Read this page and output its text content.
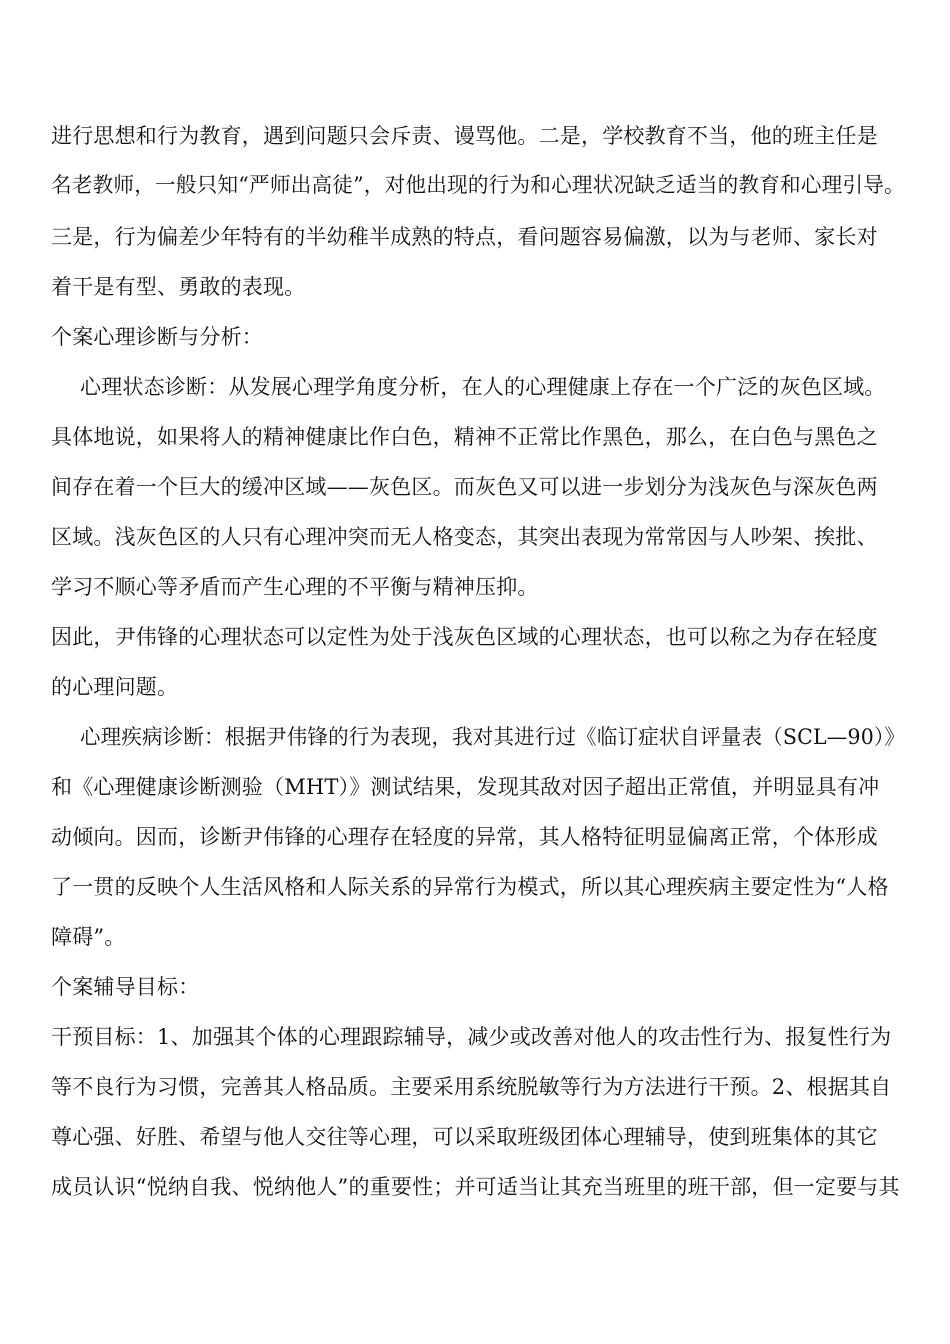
进行思想和行为教育，遇到问题只会斥责、谩骂他。二是，学校教育不当，他的班主任是
名老教师，一般只知“严师出高徒”，对他出现的行为和心理状况缺乏适当的教育和心理引导。
三是，行为偏差少年特有的半幼稚半成熟的特点，看问题容易偏激，以为与老师、家长对
着干是有型、勇敢的表现。
个案心理诊断与分析：
心理状态诊断：从发展心理学角度分析，在人的心理健康上存在一个广泛的灰色区域。
具体地说，如果将人的精神健康比作白色，精神不正常比作黑色，那么，在白色与黑色之
间存在着一个巨大的缓冲区域——灰色区。而灰色又可以进一步划分为浅灰色与深灰色两
区域。浅灰色区的人只有心理冲突而无人格变态，其突出表现为常常因与人吵架、挨批、
学习不顺心等矛盾而产生心理的不平衡与精神压抑。
因此，尹伟锋的心理状态可以定性为处于浅灰色区域的心理状态，也可以称之为存在轻度
的心理问题。
心理疾病诊断：根据尹伟锋的行为表现，我对其进行过《临订症状自评量表（SCL—90）》
和《心理健康诊断测验（MHT）》测试结果，发现其敌对因子超出正常值，并明显具有冲
动倾向。因而，诊断尹伟锋的心理存在轻度的异常，其人格特征明显偏离正常，个体形成
了一贯的反映个人生活风格和人际关系的异常行为模式，所以其心理疾病主要定性为“人格
障碍”。
个案辅导目标：
干预目标：1、加强其个体的心理跟踪辅导，减少或改善对他人的攻击性行为、报复性行为
等不良行为习惯，完善其人格品质。主要采用系统脱敏等行为方法进行干预。2、根据其自
尊心强、好胜、希望与他人交往等心理，可以采取班级团体心理辅导，使到班集体的其它
成员认识“悦纳自我、悦纳他人”的重要性；并可适当让其充当班里的班干部，但一定要与其
